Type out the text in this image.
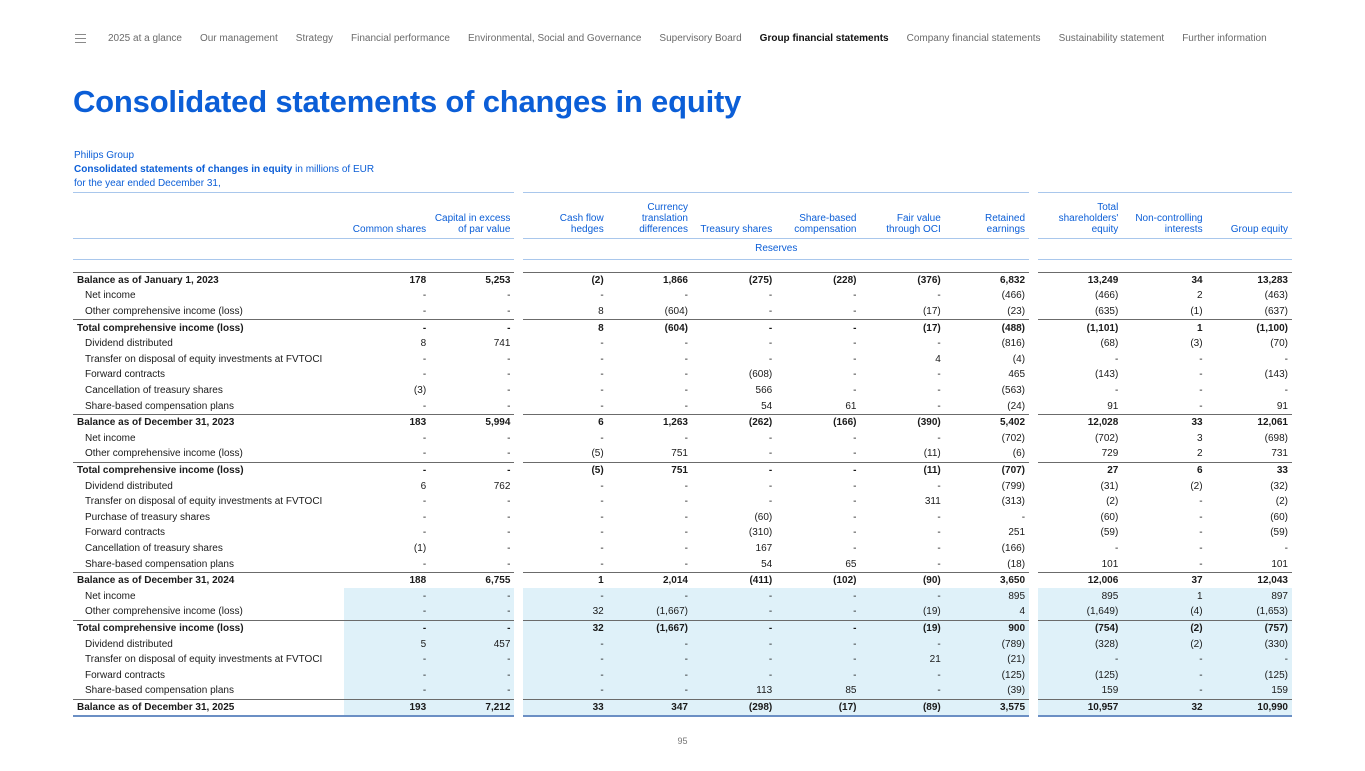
2025 at a glance Our management Strategy Financial performance Environmental, Social and Governance Supervisory Board Group financial statements Company financial statements Sustainability statement Further information
Consolidated statements of changes in equity
Philips Group
Consolidated statements of changes in equity in millions of EUR
for the year ended December 31,
	Common shares	Capital in excess of par value		Cash flow hedges	Currency translation differences	Treasury shares	Share-based compensation	Fair value through OCI	Retained earnings		Total shareholders' equity	Non-controlling interests	Group equity
				Reserves									

Balance as of January 1, 2023	178	5,253		(2)	1,866	(275)	(228)	(376)	6,832		13,249	34	13,283
Net income	-	-		-	-	-	-	-	(466)		(466)	2	(463)
Other comprehensive income (loss)	-	-		8	(604)	-	-	(17)	(23)		(635)	(1)	(637)
Total comprehensive income (loss)	-	-		8	(604)	-	-	(17)	(488)		(1,101)	1	(1,100)
Dividend distributed	8	741		-	-	-	-	-	(816)		(68)	(3)	(70)
Transfer on disposal of equity investments at FVTOCI	-	-		-	-	-	-	4	(4)		-	-	-
Forward contracts	-	-		-	-	(608)	-	-	465		(143)	-	(143)
Cancellation of treasury shares	(3)	-		-	-	566	-	-	(563)		-	-	-
Share-based compensation plans	-	-		-	-	54	61	-	(24)		91	-	91
Balance as of December 31, 2023	183	5,994		6	1,263	(262)	(166)	(390)	5,402		12,028	33	12,061
Net income	-	-		-	-	-	-	-	(702)		(702)	3	(698)
Other comprehensive income (loss)	-	-		(5)	751	-	-	(11)	(6)		729	2	731
Total comprehensive income (loss)	-	-		(5)	751	-	-	(11)	(707)		27	6	33
Dividend distributed	6	762		-	-	-	-	-	(799)		(31)	(2)	(32)
Transfer on disposal of equity investments at FVTOCI	-	-		-	-	-	-	311	(313)		(2)	-	(2)
Purchase of treasury shares	-	-		-	-	(60)	-	-	-		(60)	-	(60)
Forward contracts	-	-		-	-	(310)	-	-	251		(59)	-	(59)
Cancellation of treasury shares	(1)	-		-	-	167	-	-	(166)		-	-	-
Share-based compensation plans	-	-		-	-	54	65	-	(18)		101	-	101
Balance as of December 31, 2024	188	6,755		1	2,014	(411)	(102)	(90)	3,650		12,006	37	12,043
Net income	-	-		-	-	-	-	-	895		895	1	897
Other comprehensive income (loss)	-	-		32	(1,667)	-	-	(19)	4		(1,649)	(4)	(1,653)
Total comprehensive income (loss)	-	-		32	(1,667)	-	-	(19)	900		(754)	(2)	(757)
Dividend distributed	5	457		-	-	-	-	-	(789)		(328)	(2)	(330)
Transfer on disposal of equity investments at FVTOCI	-	-		-	-	-	-	21	(21)		-	-	-
Forward contracts	-	-		-	-	-	-	-	(125)		(125)	-	(125)
Share-based compensation plans	-	-		-	-	113	85	-	(39)		159	-	159
Balance as of December 31, 2025	193	7,212		33	347	(298)	(17)	(89)	3,575		10,957	32	10,990
95
